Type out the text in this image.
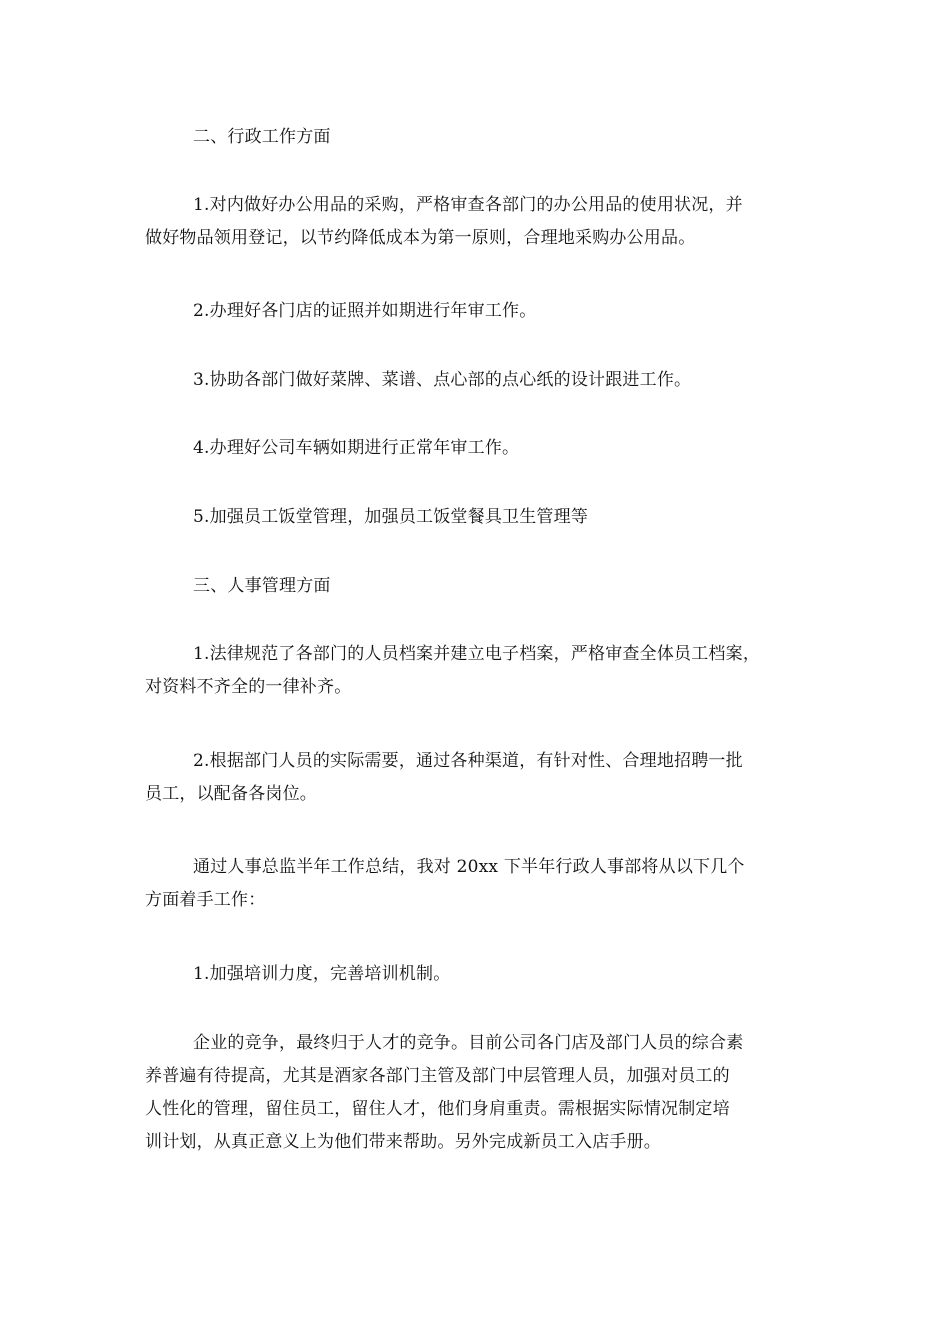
二、行政工作方面

1.对内做好办公用品的采购，严格审查各部门的办公用品的使用状况，并
做好物品领用登记，以节约降低成本为第一原则，合理地采购办公用品。

2.办理好各门店的证照并如期进行年审工作。

3.协助各部门做好菜牌、菜谱、点心部的点心纸的设计跟进工作。

4.办理好公司车辆如期进行正常年审工作。

5.加强员工饭堂管理，加强员工饭堂餐具卫生管理等

三、人事管理方面

1.法律规范了各部门的人员档案并建立电子档案，严格审查全体员工档案，
对资料不齐全的一律补齐。

2.根据部门人员的实际需要，通过各种渠道，有针对性、合理地招聘一批
员工，以配备各岗位。

通过人事总监半年工作总结，我对 20xx 下半年行政人事部将从以下几个
方面着手工作：

1.加强培训力度，完善培训机制。

企业的竞争，最终归于人才的竞争。目前公司各门店及部门人员的综合素
养普遍有待提高，尤其是酒家各部门主管及部门中层管理人员，加强对员工的
人性化的管理，留住员工，留住人才，他们身肩重责。需根据实际情况制定培
训计划，从真正意义上为他们带来帮助。另外完成新员工入店手册。
